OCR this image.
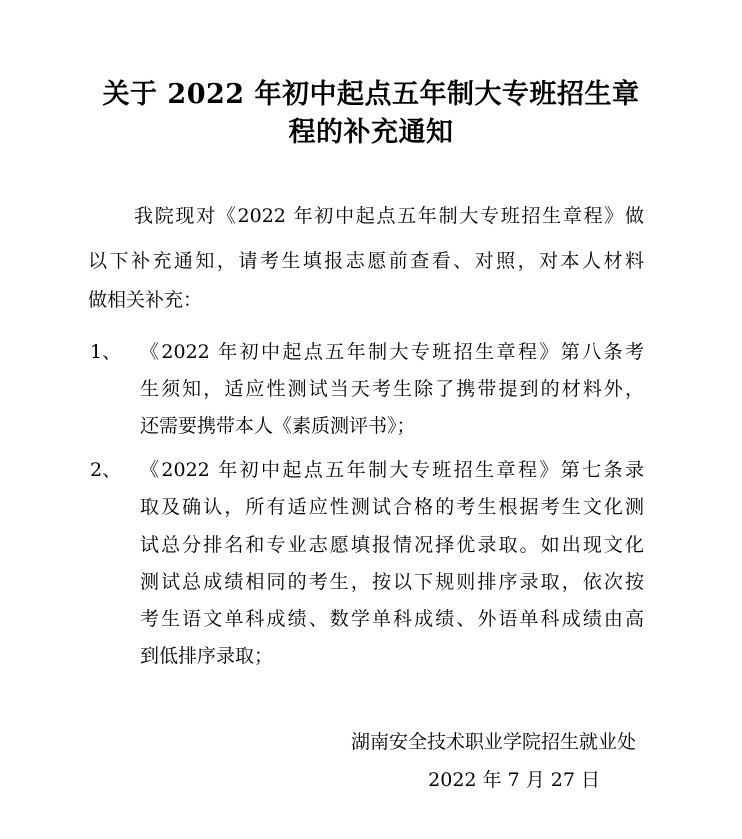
关于 2022 年初中起点五年制大专班招生章
程的补充通知
我院现对《2022 年初中起点五年制大专班招生章程》做
以下补充通知，请考生填报志愿前查看、对照，对本人材料
做相关补充：
1、 《2022 年初中起点五年制大专班招生章程》第八条考
生须知，适应性测试当天考生除了携带提到的材料外，
还需要携带本人《素质测评书》；
2、 《2022 年初中起点五年制大专班招生章程》第七条录
取及确认，所有适应性测试合格的考生根据考生文化测
试总分排名和专业志愿填报情况择优录取。如出现文化
测试总成绩相同的考生，按以下规则排序录取，依次按
考生语文单科成绩、数学单科成绩、外语单科成绩由高
到低排序录取；
湖南安全技术职业学院招生就业处
2022 年 7 月 27 日
